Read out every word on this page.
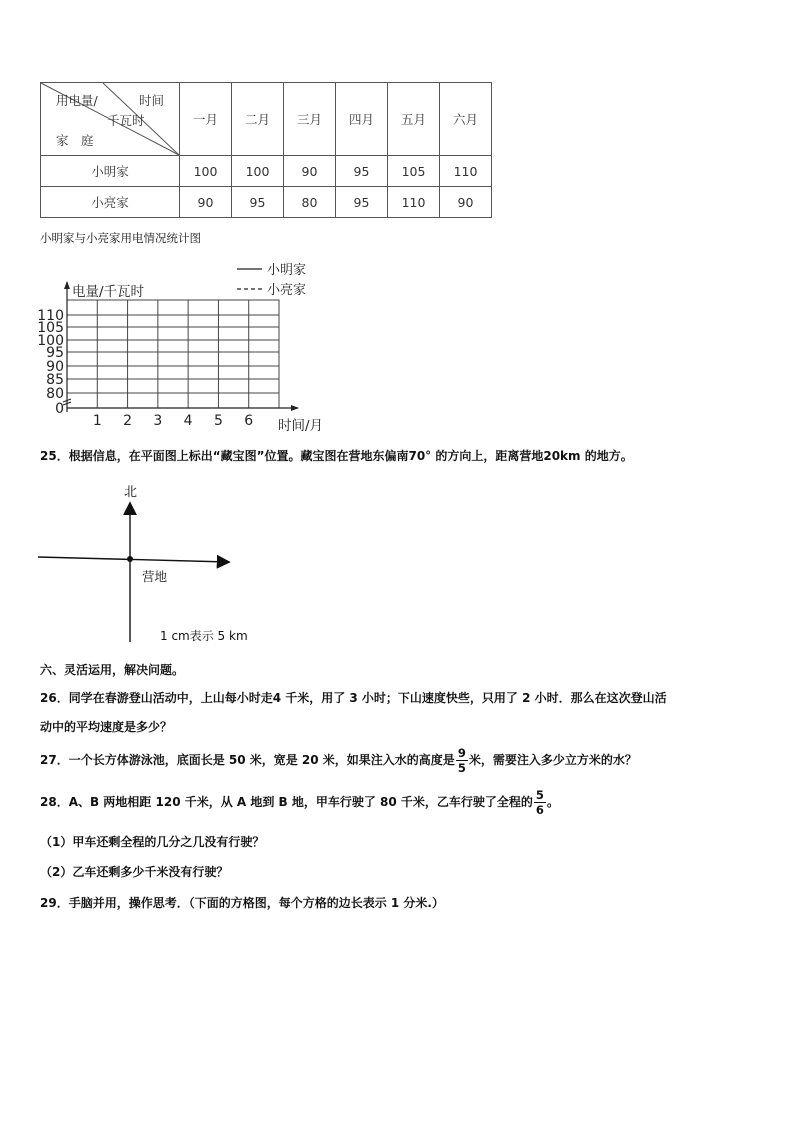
用电量/ 时间
千瓦时
家　庭	一月	二月	三月	四月	五月	六月
小明家	100	100	90	95	105	110
小亮家	90	95	80	95	110	90
小明家与小亮家用电情况统计图
小明家
小亮家
电量/千瓦时
时间/月
110
105
100
95
90
85
80
0
1 2 3 4 5 6
25．根据信息，在平面图上标出“藏宝图”位置。藏宝图在营地东偏南70° 的方向上，距离营地20km 的地方。
北
营地
1 cm表示 5 km
六、灵活运用，解决问题。
26．同学在春游登山活动中，上山每小时走4 千米，用了 3 小时；下山速度快些，只用了 2 小时．那么在这次登山活
动中的平均速度是多少？
27．一个长方体游泳池，底面长是 50 米，宽是 20 米，如果注入水的高度是 $\frac{9}{5}$ 米，需要注入多少立方米的水？
28．A、B 两地相距 120 千米，从 A 地到 B 地，甲车行驶了 80 千米，乙车行驶了全程的 $\frac{5}{6}$ 。
（1）甲车还剩全程的几分之几没有行驶？
（2）乙车还剩多少千米没有行驶？
29．手脑并用，操作思考．（下面的方格图，每个方格的边长表示 1 分米.）
